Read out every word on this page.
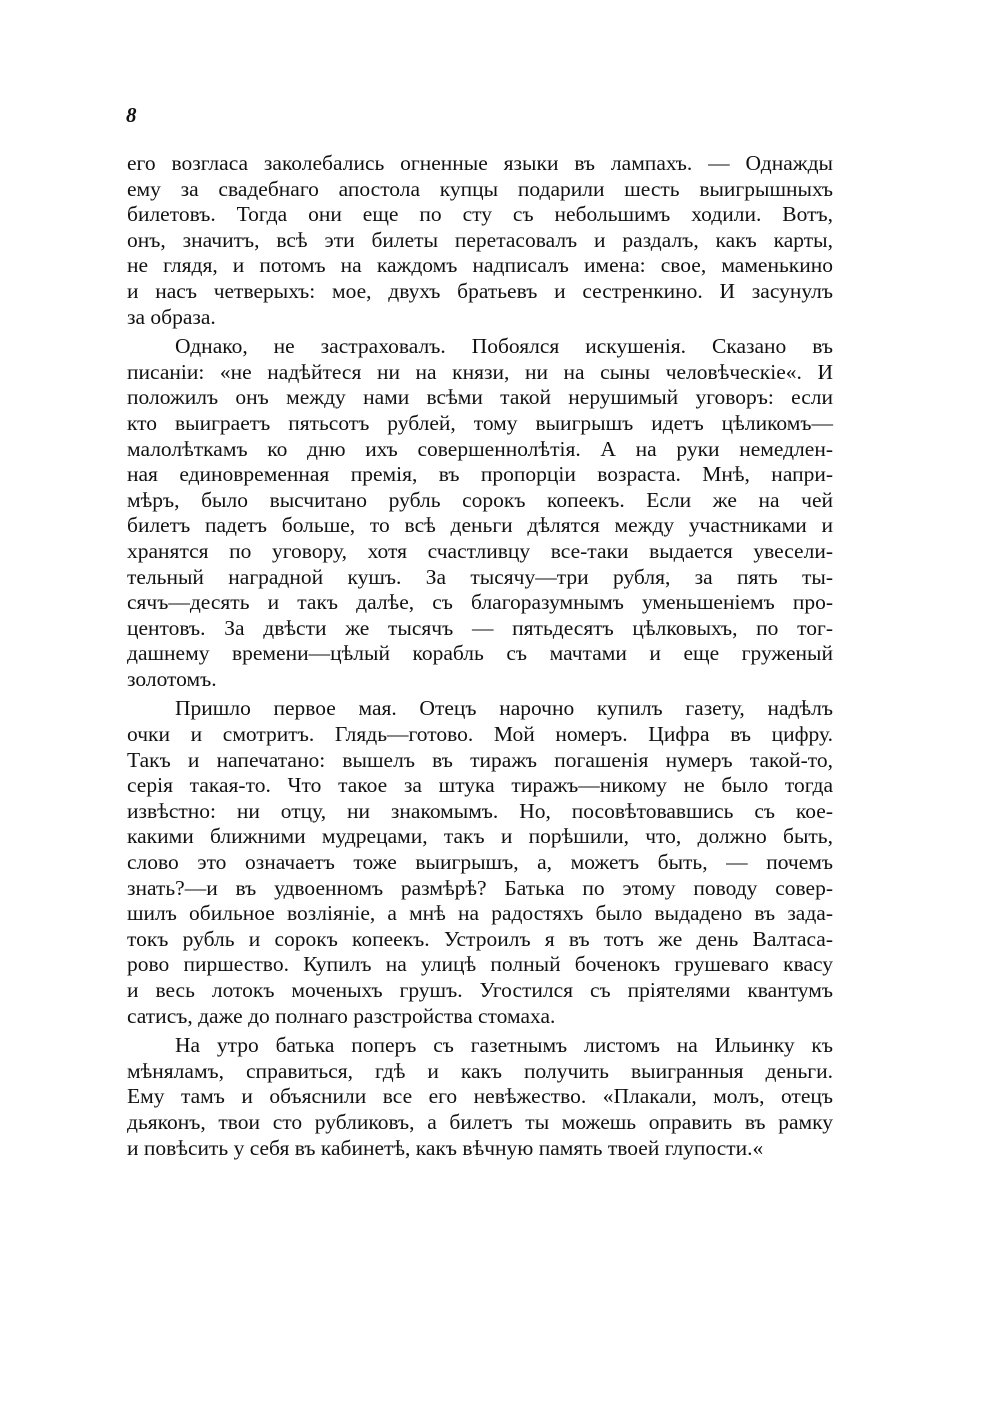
8
его возгласа заколебались огненные языки въ лампахъ. — Однажды
ему за свадебнаго апостола купцы подарили шесть выигрышныхъ
билетовъ. Тогда они еще по сту съ небольшимъ ходили. Вотъ,
онъ, значитъ, всѣ эти билеты перетасовалъ и раздалъ, какъ карты,
не глядя, и потомъ на каждомъ надписалъ имена: свое, маменькино
и насъ четверыхъ: мое, двухъ братьевъ и сестренкино. И засунулъ
за образа.
Однако, не застраховалъ. Побоялся искушенія. Сказано въ
писаніи: «не надѣйтеся ни на князи, ни на сыны человѣческіе«. И
положилъ онъ между нами всѣми такой нерушимый уговоръ: если
кто выиграетъ пятьсотъ рублей, тому выигрышъ идетъ цѣликомъ—
малолѣткамъ ко дню ихъ совершеннолѣтія. А на руки немедлен-
ная единовременная премія, въ пропорціи возраста. Мнѣ, напри-
мѣръ, было высчитано рубль сорокъ копеекъ. Если же на чей
билетъ падетъ больше, то всѣ деньги дѣлятся между участниками и
хранятся по уговору, хотя счастливцу все-таки выдается увесели-
тельный наградной кушъ. За тысячу—три рубля, за пять ты-
сячъ—десять и такъ далѣе, съ благоразумнымъ уменьшеніемъ про-
центовъ. За двѣсти же тысячъ — пятьдесятъ цѣлковыхъ, по тог-
дашнему времени—цѣлый корабль съ мачтами и еще груженый
золотомъ.
Пришло первое мая. Отецъ нарочно купилъ газету, надѣлъ
очки и смотритъ. Глядь—готово. Мой номеръ. Цифра въ цифру.
Такъ и напечатано: вышелъ въ тиражъ погашенія нумеръ такой-то,
серія такая-то. Что такое за штука тиражъ—никому не было тогда
извѣстно: ни отцу, ни знакомымъ. Но, посовѣтовавшись съ кое-
какими ближними мудрецами, такъ и порѣшили, что, должно быть,
слово это означаетъ тоже выигрышъ, а, можетъ быть, — почемъ
знать?—и въ удвоенномъ размѣрѣ? Батька по этому поводу совер-
шилъ обильное возліяніе, а мнѣ на радостяхъ было выдадено въ зада-
токъ рубль и сорокъ копеекъ. Устроилъ я въ тотъ же день Валтаса-
рово пиршество. Купилъ на улицѣ полный боченокъ грушеваго квасу
и весь лотокъ моченыхъ грушъ. Угостился съ пріятелями квантумъ
сатисъ, даже до полнаго разстройства стомаха.
На утро батька поперъ съ газетнымъ листомъ на Ильинку къ
мѣняламъ, справиться, гдѣ и какъ получить выигранныя деньги.
Ему тамъ и объяснили все его невѣжество. «Плакали, молъ, отецъ
дьяконъ, твои сто рубликовъ, а билетъ ты можешь оправить въ рамку
и повѣсить у себя въ кабинетѣ, какъ вѣчную память твоей глупости.«
